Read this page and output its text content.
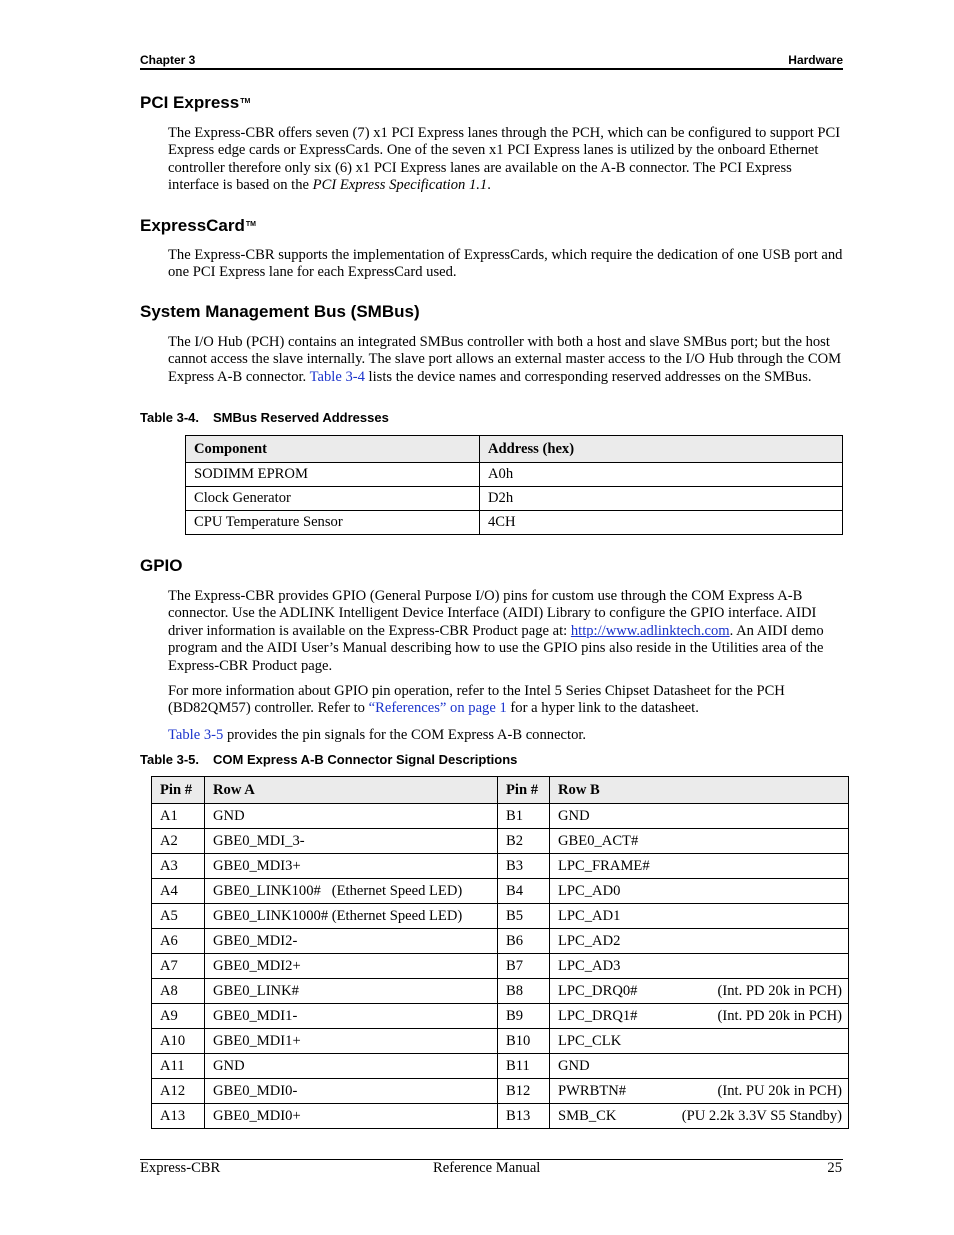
Chapter 3	Hardware
PCI Express™
The Express-CBR offers seven (7) x1 PCI Express lanes through the PCH, which can be configured to support PCI Express edge cards or ExpressCards. One of the seven x1 PCI Express lanes is utilized by the onboard Ethernet controller therefore only six (6) x1 PCI Express lanes are available on the A-B connector. The PCI Express interface is based on the PCI Express Specification 1.1.
ExpressCard™
The Express-CBR supports the implementation of ExpressCards, which require the dedication of one USB port and one PCI Express lane for each ExpressCard used.
System Management Bus (SMBus)
The I/O Hub (PCH) contains an integrated SMBus controller with both a host and slave SMBus port; but the host cannot access the slave internally. The slave port allows an external master access to the I/O Hub through the COM Express A-B connector. Table 3-4 lists the device names and corresponding reserved addresses on the SMBus.
Table 3-4. SMBus Reserved Addresses
Component	Address (hex)
SODIMM EPROM	A0h
Clock Generator	D2h
CPU Temperature Sensor	4CH
GPIO
The Express-CBR provides GPIO (General Purpose I/O) pins for custom use through the COM Express A-B connector. Use the ADLINK Intelligent Device Interface (AIDI) Library to configure the GPIO interface. AIDI driver information is available on the Express-CBR Product page at: http://www.adlinktech.com. An AIDI demo program and the AIDI User’s Manual describing how to use the GPIO pins also reside in the Utilities area of the Express-CBR Product page.
For more information about GPIO pin operation, refer to the Intel 5 Series Chipset Datasheet for the PCH (BD82QM57) controller. Refer to “References” on page 1 for a hyper link to the datasheet.
Table 3-5 provides the pin signals for the COM Express A-B connector.
Table 3-5. COM Express A-B Connector Signal Descriptions
Pin #	Row A	Pin #	Row B
A1	GND	B1	GND

A2	GBE0_MDI_3-	B2	GBE0_ACT#

A3	GBE0_MDI3+	B3	LPC_FRAME#

A4	GBE0_LINK100#   (Ethernet Speed LED)	B4	LPC_AD0

A5	GBE0_LINK1000# (Ethernet Speed LED)	B5	LPC_AD1

A6	GBE0_MDI2-	B6	LPC_AD2

A7	GBE0_MDI2+	B7	LPC_AD3

A8	GBE0_LINK#	B8	LPC_DRQ0# (Int. PD 20k in PCH)

A9	GBE0_MDI1-	B9	LPC_DRQ1# (Int. PD 20k in PCH)

A10	GBE0_MDI1+	B10	LPC_CLK

A11	GND	B11	GND

A12	GBE0_MDI0-	B12	PWRBTN# (Int. PU 20k in PCH)

A13	GBE0_MDI0+	B13	SMB_CK (PU 2.2k 3.3V S5 Standby)
Express-CBR	Reference Manual	25
